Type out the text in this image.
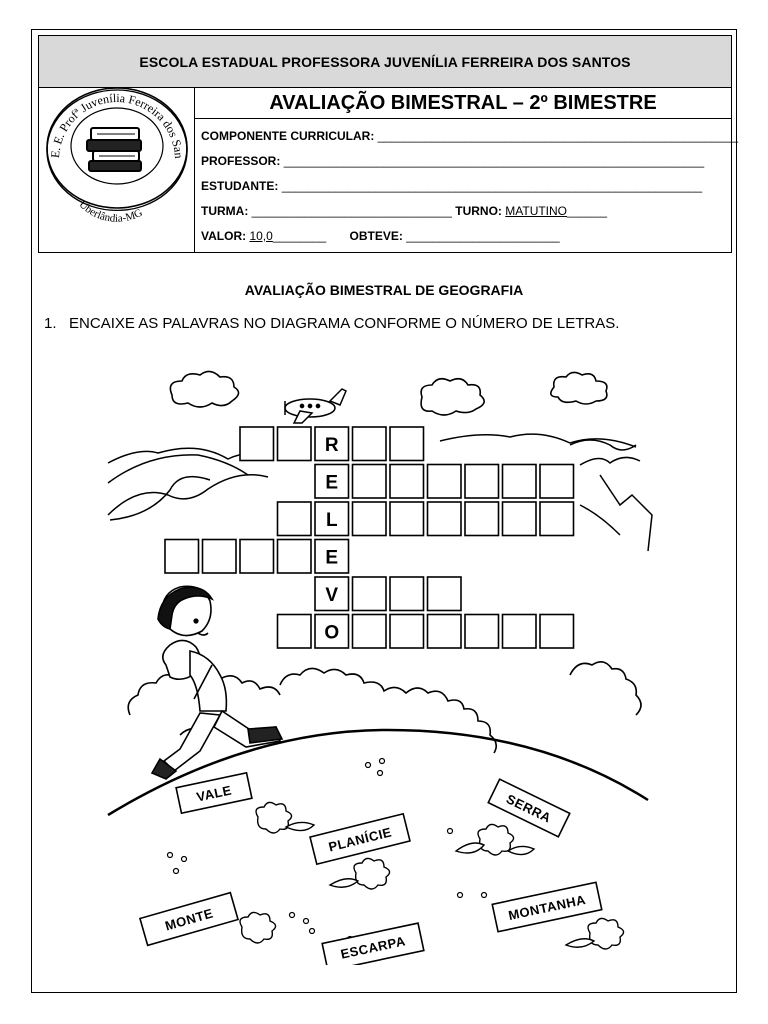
ESCOLA ESTADUAL PROFESSORA JUVENÍLIA FERREIRA DOS SANTOS
E. E. Profª Juvenília Ferreira dos San
Uberlândia-MG
AVALIAÇÃO BIMESTRAL – 2º BIMESTRE
COMPONENTE CURRICULAR: ______________________________________________________
PROFESSOR: _______________________________________________________________
ESTUDANTE: _______________________________________________________________
TURMA: ______________________________ TURNO: MATUTINO______
VALOR: 10,0________ OBTEVE: _______________________
AVALIAÇÃO BIMESTRAL DE GEOGRAFIA
1. ENCAIXE AS PALAVRAS NO DIAGRAMA CONFORME O NÚMERO DE LETRAS.
R
E
L
E
V
O
VALE	SERRA
PLANÍCIE
MONTE
ESCARPA
MONTANHA
